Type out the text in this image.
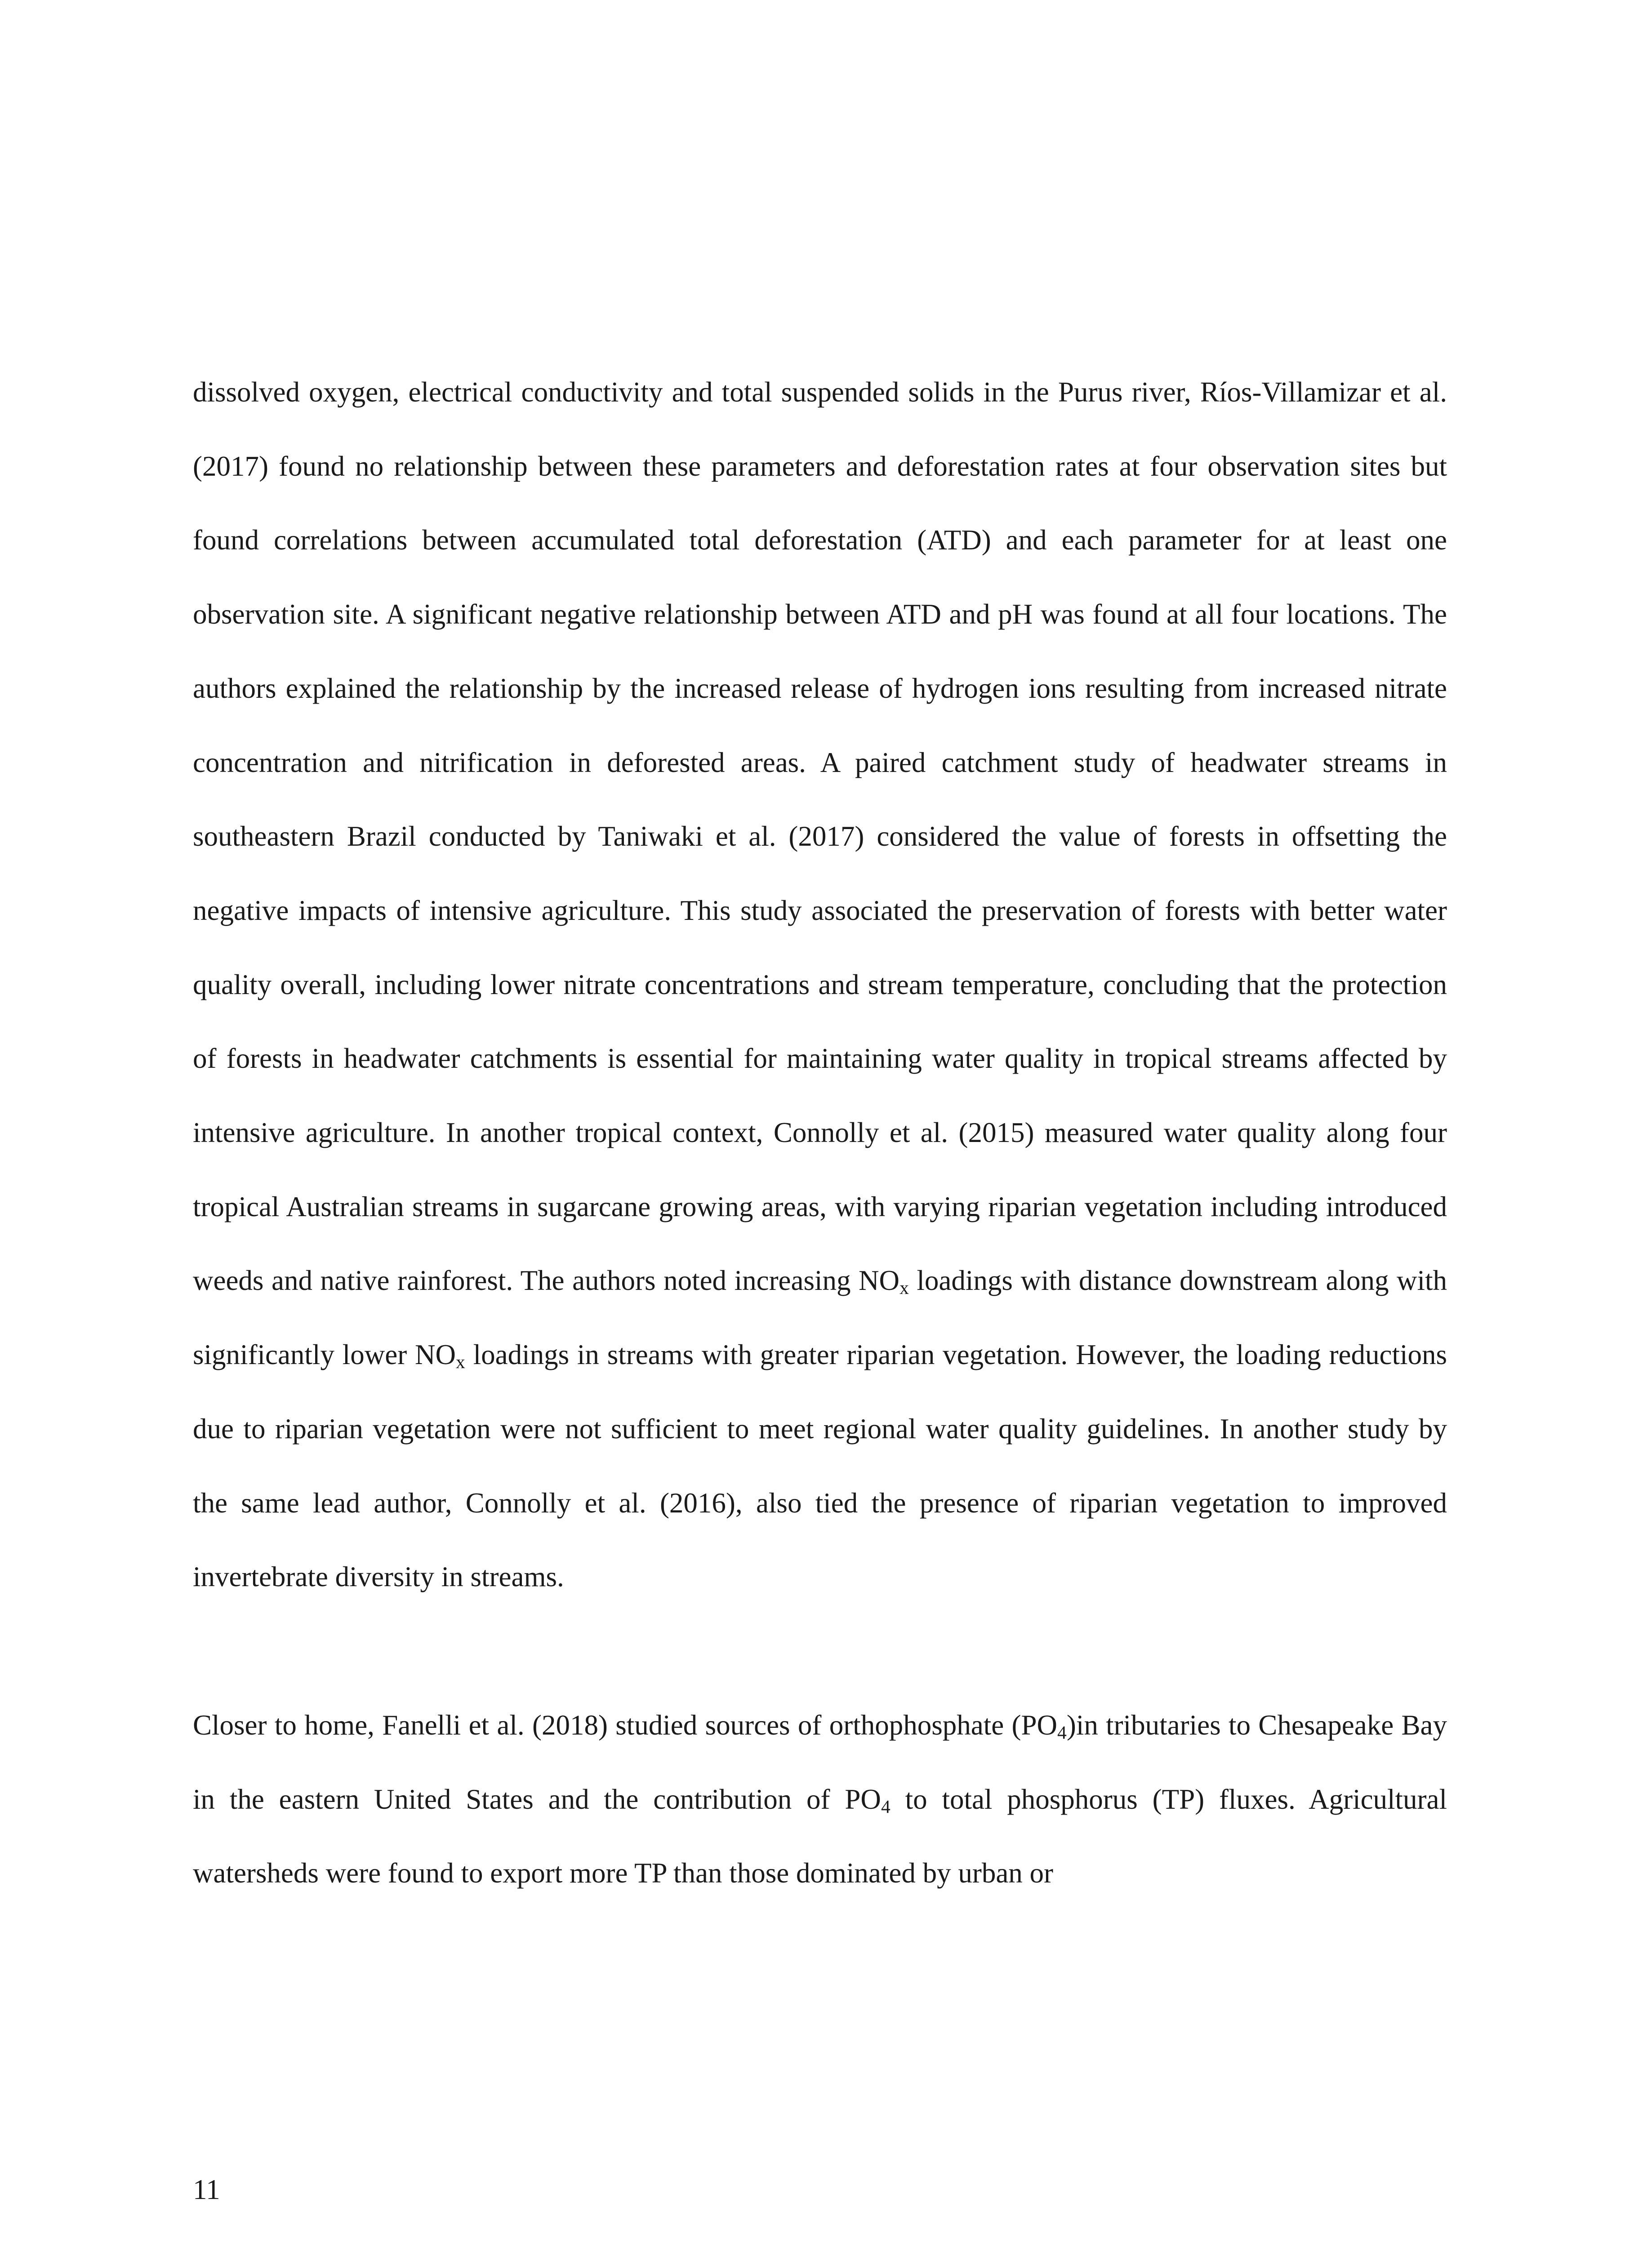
dissolved oxygen, electrical conductivity and total suspended solids in the Purus river, Ríos-Villamizar et al. (2017) found no relationship between these parameters and deforestation rates at four observation sites but found correlations between accumulated total deforestation (ATD) and each parameter for at least one observation site. A significant negative relationship between ATD and pH was found at all four locations. The authors explained the relationship by the increased release of hydrogen ions resulting from increased nitrate concentration and nitrification in deforested areas. A paired catchment study of headwater streams in southeastern Brazil conducted by Taniwaki et al. (2017) considered the value of forests in offsetting the negative impacts of intensive agriculture. This study associated the preservation of forests with better water quality overall, including lower nitrate concentrations and stream temperature, concluding that the protection of forests in headwater catchments is essential for maintaining water quality in tropical streams affected by intensive agriculture. In another tropical context, Connolly et al. (2015) measured water quality along four tropical Australian streams in sugarcane growing areas, with varying riparian vegetation including introduced weeds and native rainforest. The authors noted increasing $NO_x$ loadings with distance downstream along with significantly lower $NO_x$ loadings in streams with greater riparian vegetation. However, the loading reductions due to riparian vegetation were not sufficient to meet regional water quality guidelines. In another study by the same lead author, Connolly et al. (2016), also tied the presence of riparian vegetation to improved invertebrate diversity in streams.

Closer to home, Fanelli et al. (2018) studied sources of orthophosphate $(PO_4)in$ tributaries to Chesapeake Bay in the eastern United States and the contribution of $PO_4$ to total phosphorus (TP) fluxes. Agricultural watersheds were found to export more TP than those dominated by urban or

11
